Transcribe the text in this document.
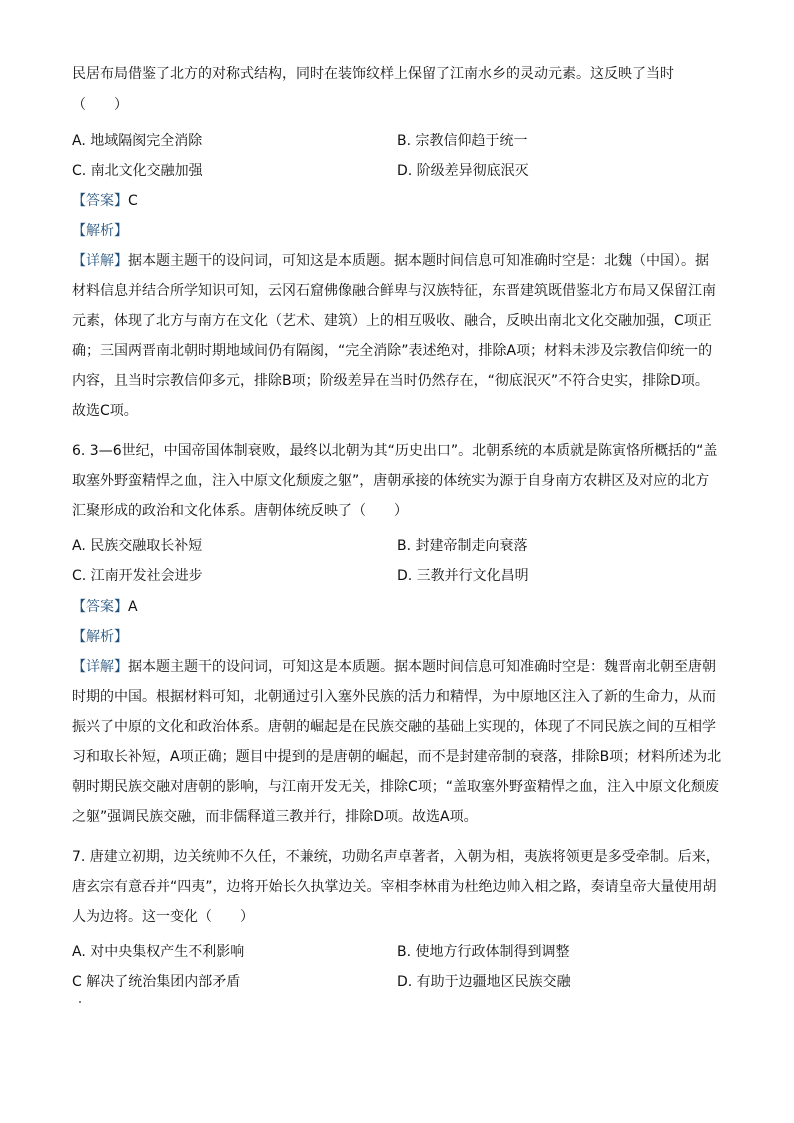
民居布局借鉴了北方的对称式结构，同时在装饰纹样上保留了江南水乡的灵动元素。这反映了当时

（　　）

A. 地域隔阂完全消除	B. 宗教信仰趋于统一
C. 南北文化交融加强	D. 阶级差异彻底泯灭
【答案】C
【解析】

【详解】据本题主题干的设问词，可知这是本质题。据本题时间信息可知准确时空是：北魏（中国）。据材料信息并结合所学知识可知，云冈石窟佛像融合鲜卑与汉族特征，东晋建筑既借鉴北方布局又保留江南元素，体现了北方与南方在文化（艺术、建筑）上的相互吸收、融合，反映出南北文化交融加强，C项正确；三国两晋南北朝时期地域间仍有隔阂，“完全消除”表述绝对，排除A项；材料未涉及宗教信仰统一的内容，且当时宗教信仰多元，排除B项；阶级差异在当时仍然存在，“彻底泯灭”不符合史实，排除D项。故选C项。

6. 3—6世纪，中国帝国体制衰败，最终以北朝为其“历史出口”。北朝系统的本质就是陈寅恪所概括的“盖取塞外野蛮精悍之血，注入中原文化颓废之躯”，唐朝承接的体统实为源于自身南方农耕区及对应的北方汇聚形成的政治和文化体系。唐朝体统反映了（　　）

A. 民族交融取长补短	B. 封建帝制走向衰落
C. 江南开发社会进步	D. 三教并行文化昌明
【答案】A
【解析】

【详解】据本题主题干的设问词，可知这是本质题。据本题时间信息可知准确时空是：魏晋南北朝至唐朝时期的中国。根据材料可知，北朝通过引入塞外民族的活力和精悍，为中原地区注入了新的生命力，从而振兴了中原的文化和政治体系。唐朝的崛起是在民族交融的基础上实现的，体现了不同民族之间的互相学习和取长补短，A项正确；题目中提到的是唐朝的崛起，而不是封建帝制的衰落，排除B项；材料所述为北朝时期民族交融对唐朝的影响，与江南开发无关，排除C项；“盖取塞外野蛮精悍之血，注入中原文化颓废之躯”强调民族交融，而非儒释道三教并行，排除D项。故选A项。

7. 唐建立初期，边关统帅不久任，不兼统，功勋名声卓著者，入朝为相，夷族将领更是多受牵制。后来，唐玄宗有意吞并“四夷”，边将开始长久执掌边关。宰相李林甫为杜绝边帅入相之路，奏请皇帝大量使用胡人为边将。这一变化（　　）

A. 对中央集权产生不利影响	B. 使地方行政体制得到调整
C 解决了统治集团内部矛盾	D. 有助于边疆地区民族交融
